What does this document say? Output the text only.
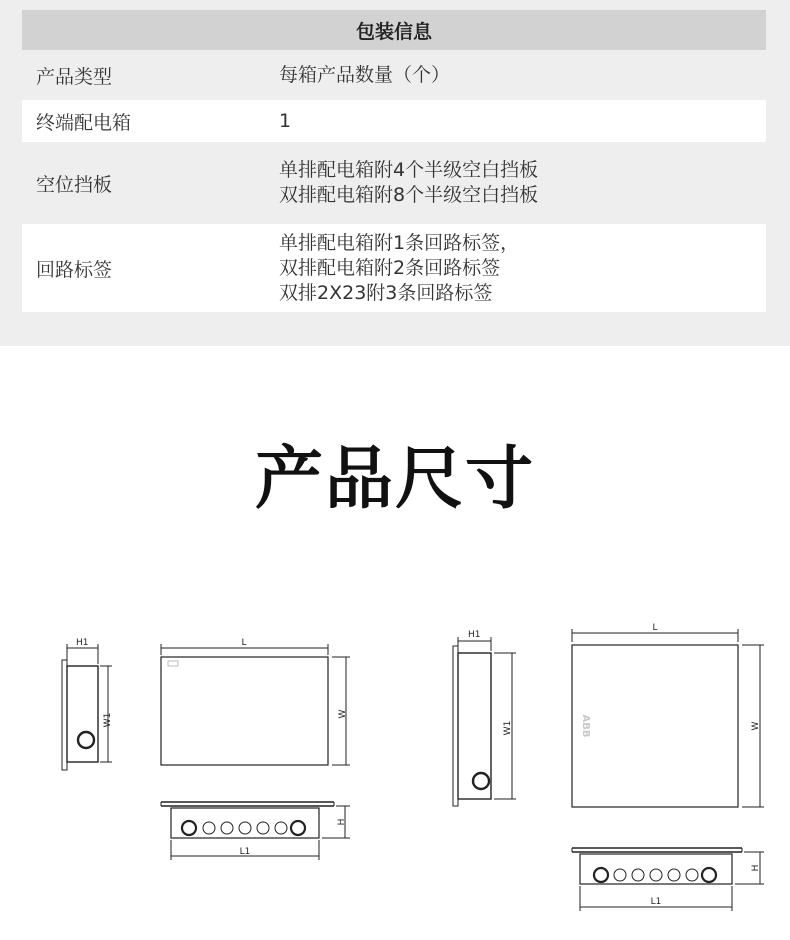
包装信息
产品类型	每箱产品数量（个）
终端配电箱	1
空位挡板
单排配电箱附4个半级空白挡板
双排配电箱附8个半级空白挡板
回路标签
单排配电箱附1条回路标签，
双排配电箱附2条回路标签
双排2X23附3条回路标签
产品尺寸
H1
W1
L
W
H
L1
H1
W1
L
W
H
L1
ABB
